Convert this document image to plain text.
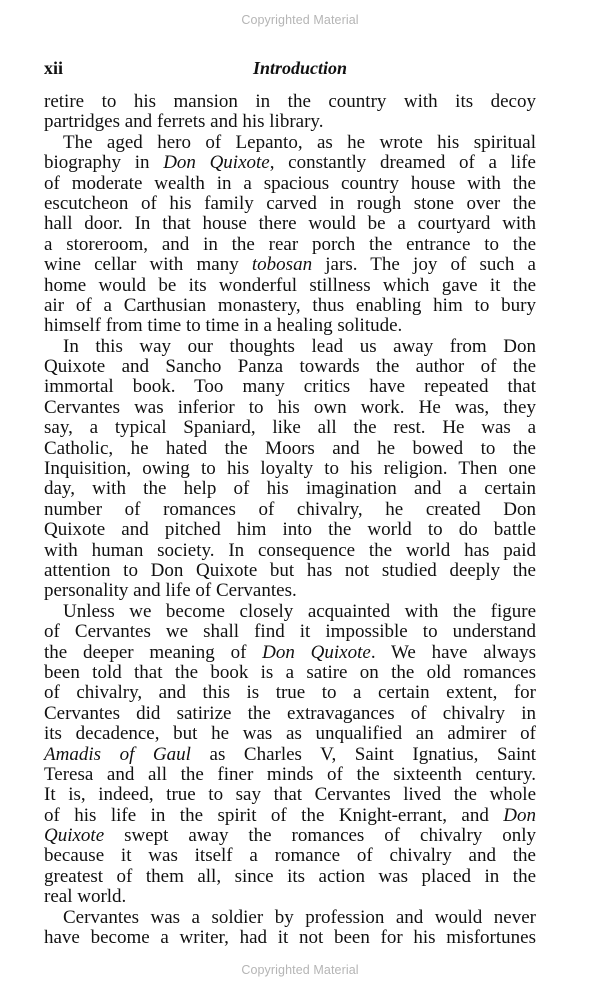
Copyrighted Material
xii	Introduction
retire to his mansion in the country with its decoy
partridges and ferrets and his library.
The aged hero of Lepanto, as he wrote his spiritual
biography in Don Quixote, constantly dreamed of a life
of moderate wealth in a spacious country house with the
escutcheon of his family carved in rough stone over the
hall door. In that house there would be a courtyard with
a storeroom, and in the rear porch the entrance to the
wine cellar with many tobosan jars. The joy of such a
home would be its wonderful stillness which gave it the
air of a Carthusian monastery, thus enabling him to bury
himself from time to time in a healing solitude.
In this way our thoughts lead us away from Don
Quixote and Sancho Panza towards the author of the
immortal book. Too many critics have repeated that
Cervantes was inferior to his own work. He was, they
say, a typical Spaniard, like all the rest. He was a
Catholic, he hated the Moors and he bowed to the
Inquisition, owing to his loyalty to his religion. Then one
day, with the help of his imagination and a certain
number of romances of chivalry, he created Don
Quixote and pitched him into the world to do battle
with human society. In consequence the world has paid
attention to Don Quixote but has not studied deeply the
personality and life of Cervantes.
Unless we become closely acquainted with the figure
of Cervantes we shall find it impossible to understand
the deeper meaning of Don Quixote. We have always
been told that the book is a satire on the old romances
of chivalry, and this is true to a certain extent, for
Cervantes did satirize the extravagances of chivalry in
its decadence, but he was as unqualified an admirer of
Amadis of Gaul as Charles V, Saint Ignatius, Saint
Teresa and all the finer minds of the sixteenth century.
It is, indeed, true to say that Cervantes lived the whole
of his life in the spirit of the Knight-errant, and Don
Quixote swept away the romances of chivalry only
because it was itself a romance of chivalry and the
greatest of them all, since its action was placed in the
real world.
Cervantes was a soldier by profession and would never
have become a writer, had it not been for his misfortunes
Copyrighted Material
